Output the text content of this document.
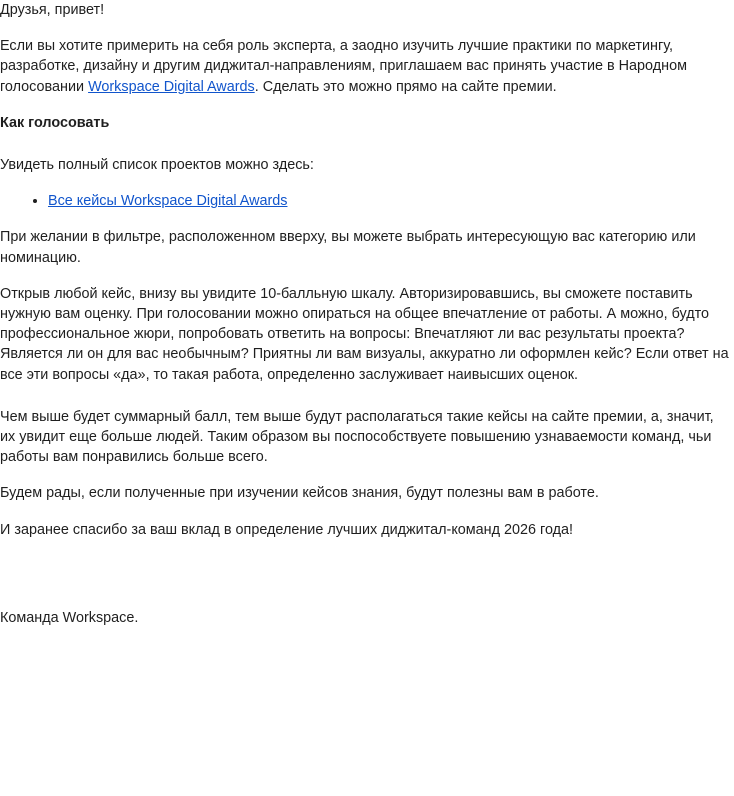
Друзья, привет!

Если вы хотите примерить на себя роль эксперта, а заодно изучить лучшие практики по маркетингу, разработке, дизайну и другим диджитал-направлениям, приглашаем вас принять участие в Народном голосовании Workspace Digital Awards. Сделать это можно прямо на сайте премии.

Как голосовать

Увидеть полный список проектов можно здесь:

• Все кейсы Workspace Digital Awards

При желании в фильтре, расположенном вверху, вы можете выбрать интересующую вас категорию или номинацию.

Открыв любой кейс, внизу вы увидите 10-балльную шкалу. Авторизировавшись, вы сможете поставить нужную вам оценку. При голосовании можно опираться на общее впечатление от работы. А можно, будто профессиональное жюри, попробовать ответить на вопросы: Впечатляют ли вас результаты проекта? Является ли он для вас необычным? Приятны ли вам визуалы, аккуратно ли оформлен кейс? Если ответ на все эти вопросы «да», то такая работа, определенно заслуживает наивысших оценок.

Чем выше будет суммарный балл, тем выше будут располагаться такие кейсы на сайте премии, а, значит, их увидит еще больше людей. Таким образом вы поспособствуете повышению узнаваемости команд, чьи работы вам понравились больше всего.

Будем рады, если полученные при изучении кейсов знания, будут полезны вам в работе.

И заранее спасибо за ваш вклад в определение лучших диджитал-команд 2026 года!

Команда Workspace.
